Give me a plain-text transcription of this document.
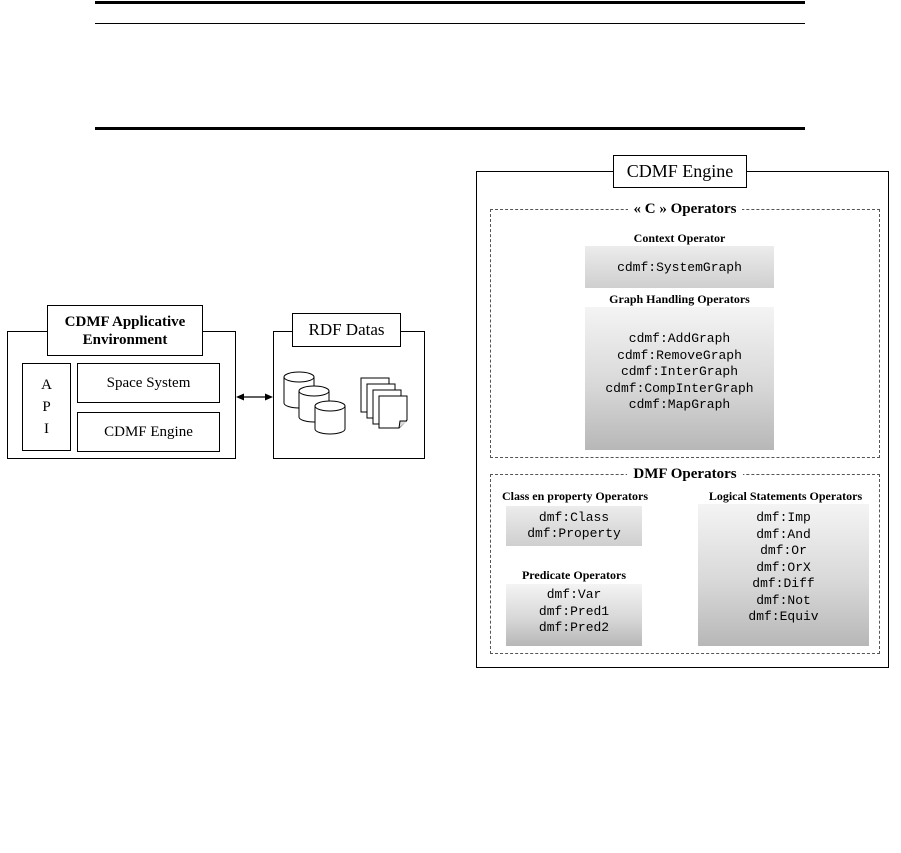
CDMF Applicative Environment
A
P
I
Space System
CDMF Engine
RDF Datas
CDMF Engine
« C » Operators
Context Operator
cdmf:SystemGraph
Graph Handling Operators
cdmf:AddGraph
cdmf:RemoveGraph
cdmf:InterGraph
cdmf:CompInterGraph
cdmf:MapGraph
DMF Operators
Class en property Operators
dmf:Class
dmf:Property
Predicate Operators
dmf:Var
dmf:Pred1
dmf:Pred2
Logical Statements Operators
dmf:Imp
dmf:And
dmf:Or
dmf:OrX
dmf:Diff
dmf:Not
dmf:Equiv
